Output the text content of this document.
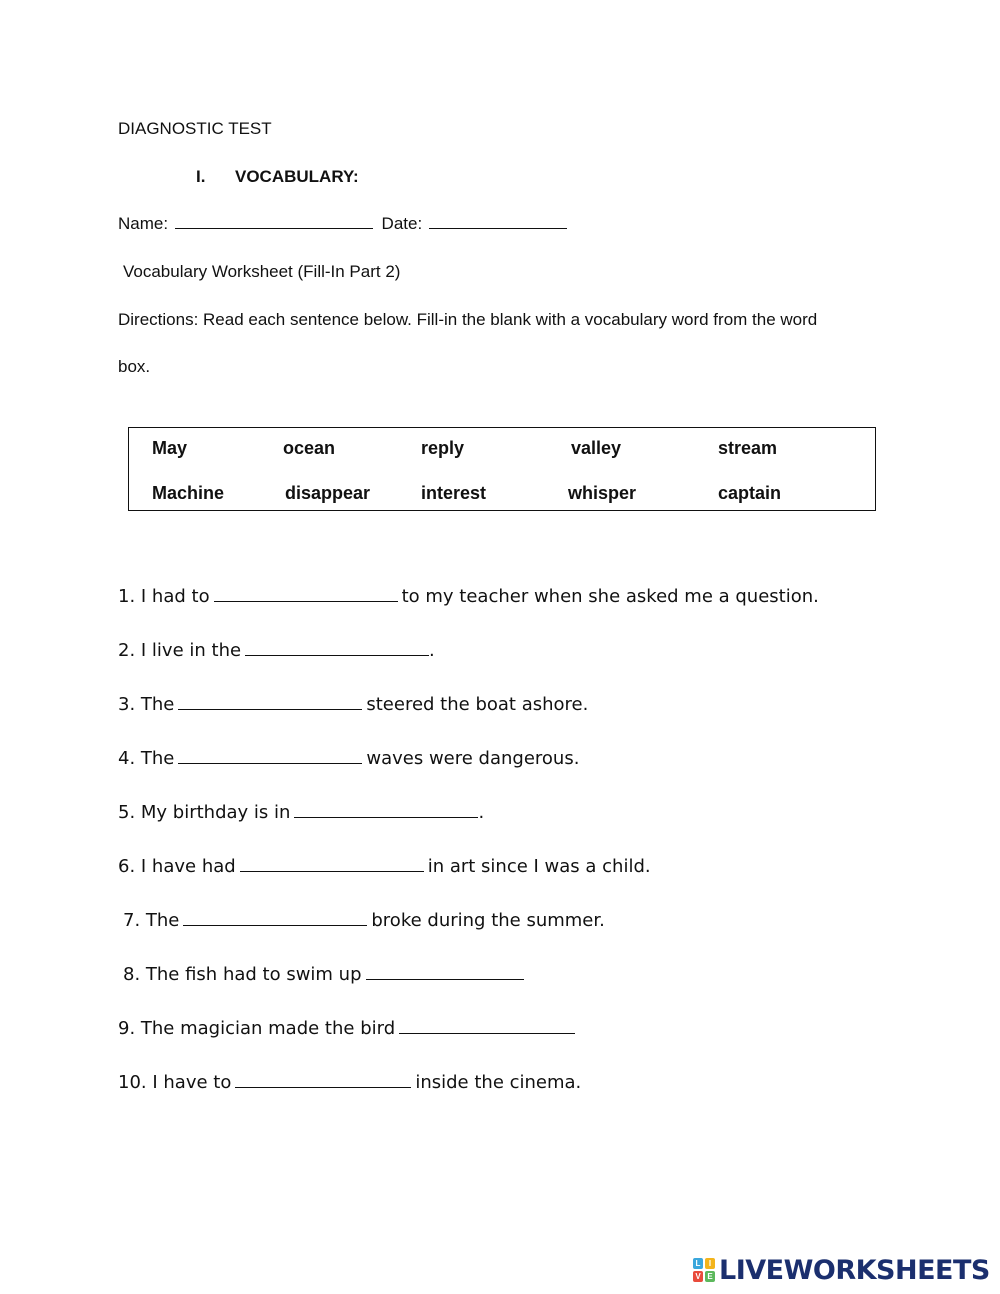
DIAGNOSTIC TEST
I. VOCABULARY:
Name:	Date:
Vocabulary Worksheet (Fill-In Part 2)
Directions: Read each sentence below. Fill-in the blank with a vocabulary word from the word
box.
May	ocean	reply	valley	stream
Machine	disappear	interest	whisper	captain
1. I had to	to my teacher when she asked me a question.
2. I live in the	.
3. The	steered the boat ashore.
4. The	waves were dangerous.
5. My birthday is in	.
6. I have had	in art since I was a child.
7. The	broke during the summer.
8. The fish had to swim up
9. The magician made the bird
10. I have to	inside the cinema.
L	I
V E LIVEWORKSHEETS
